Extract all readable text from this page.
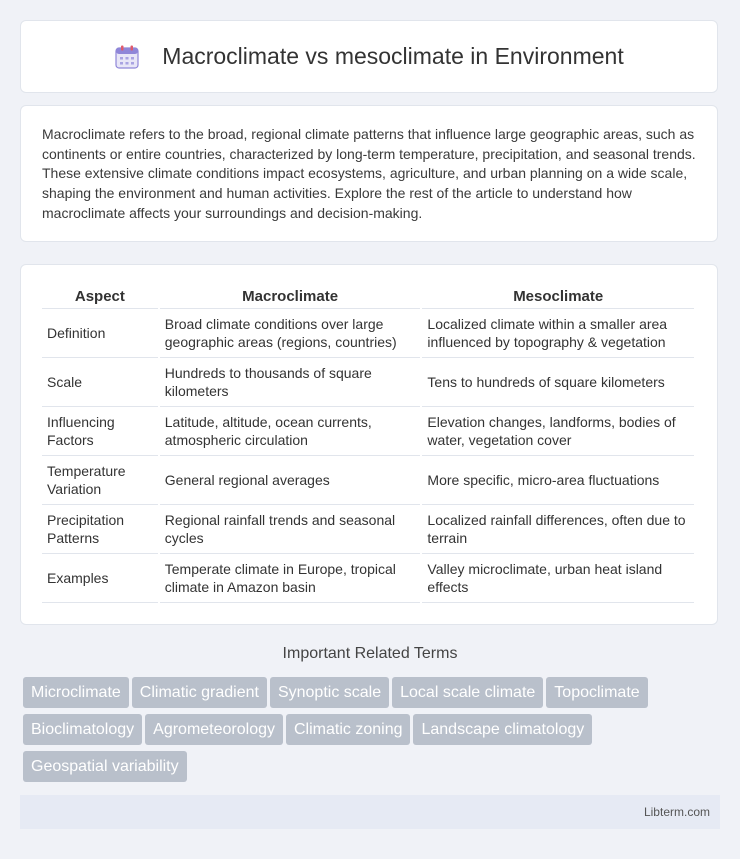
Macroclimate vs mesoclimate in Environment

Macroclimate refers to the broad, regional climate patterns that influence large geographic areas, such as continents or entire countries, characterized by long-term temperature, precipitation, and seasonal trends. These extensive climate conditions impact ecosystems, agriculture, and urban planning on a wide scale, shaping the environment and human activities. Explore the rest of the article to understand how macroclimate affects your surroundings and decision-making.

Aspect	Macroclimate	Mesoclimate
Definition	Broad climate conditions over large geographic areas (regions, countries)	Localized climate within a smaller area influenced by topography & vegetation
Scale	Hundreds to thousands of square kilometers	Tens to hundreds of square kilometers
Influencing Factors	Latitude, altitude, ocean currents, atmospheric circulation	Elevation changes, landforms, bodies of water, vegetation cover
Temperature Variation	General regional averages	More specific, micro-area fluctuations
Precipitation Patterns	Regional rainfall trends and seasonal cycles	Localized rainfall differences, often due to terrain
Examples	Temperate climate in Europe, tropical climate in Amazon basin	Valley microclimate, urban heat island effects
Important Related Terms
Microclimate Climatic gradient Synoptic scale Local scale climate Topoclimate
Bioclimatology Agrometeorology Climatic zoning Landscape climatology
Geospatial variability
Libterm.com
